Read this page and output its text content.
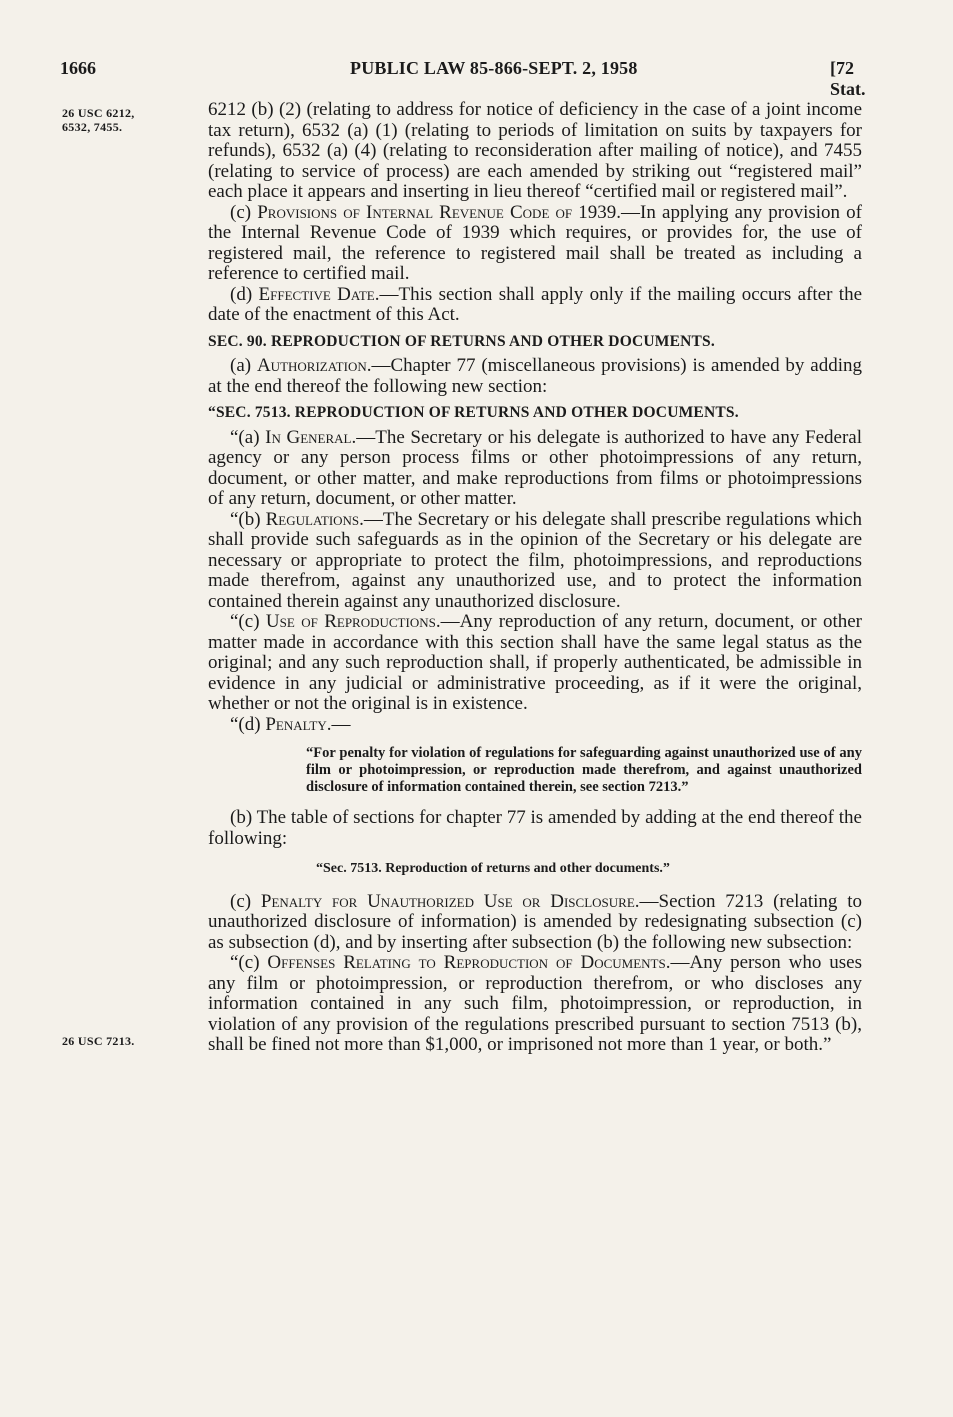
1666	PUBLIC LAW 85-866-SEPT. 2, 1958	[72 Stat.
26 USC 6212,
6532, 7455.
26 USC 7213.

6212 (b) (2) (relating to address for notice of deficiency in the case of a joint income tax return), 6532 (a) (1) (relating to periods of limitation on suits by taxpayers for refunds), 6532 (a) (4) (relating to reconsideration after mailing of notice), and 7455 (relating to service of process) are each amended by striking out “registered mail” each place it appears and inserting in lieu thereof “certified mail or registered mail”.

(c) Provisions of Internal Revenue Code of 1939.—In applying any provision of the Internal Revenue Code of 1939 which requires, or provides for, the use of registered mail, the reference to registered mail shall be treated as including a reference to certified mail.

(d) Effective Date.—This section shall apply only if the mailing occurs after the date of the enactment of this Act.

SEC. 90. REPRODUCTION OF RETURNS AND OTHER DOCUMENTS.

(a) Authorization.—Chapter 77 (miscellaneous provisions) is amended by adding at the end thereof the following new section:

“SEC. 7513. REPRODUCTION OF RETURNS AND OTHER DOCUMENTS.

“(a) In General.—The Secretary or his delegate is authorized to have any Federal agency or any person process films or other photoimpressions of any return, document, or other matter, and make reproductions from films or photoimpressions of any return, document, or other matter.

“(b) Regulations.—The Secretary or his delegate shall prescribe regulations which shall provide such safeguards as in the opinion of the Secretary or his delegate are necessary or appropriate to protect the film, photoimpressions, and reproductions made therefrom, against any unauthorized use, and to protect the information contained therein against any unauthorized disclosure.

“(c) Use of Reproductions.—Any reproduction of any return, document, or other matter made in accordance with this section shall have the same legal status as the original; and any such reproduction shall, if properly authenticated, be admissible in evidence in any judicial or administrative proceeding, as if it were the original, whether or not the original is in existence.

“(d) Penalty.—

“For penalty for violation of regulations for safeguarding against unauthorized use of any film or photoimpression, or reproduction made therefrom, and against unauthorized disclosure of information contained therein, see section 7213.”

(b) The table of sections for chapter 77 is amended by adding at the end thereof the following:

“Sec. 7513. Reproduction of returns and other documents.”

(c) Penalty for Unauthorized Use or Disclosure.—Section 7213 (relating to unauthorized disclosure of information) is amended by redesignating subsection (c) as subsection (d), and by inserting after subsection (b) the following new subsection:

“(c) Offenses Relating to Reproduction of Documents.—Any person who uses any film or photoimpression, or reproduction therefrom, or who discloses any information contained in any such film, photoimpression, or reproduction, in violation of any provision of the regulations prescribed pursuant to section 7513 (b), shall be fined not more than $1,000, or imprisoned not more than 1 year, or both.”
